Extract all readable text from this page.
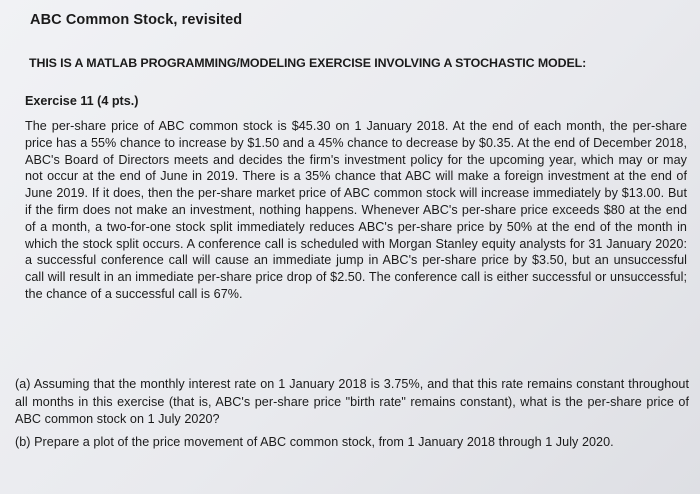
ABC Common Stock, revisited
THIS IS A MATLAB PROGRAMMING/MODELING EXERCISE INVOLVING A STOCHASTIC MODEL:
Exercise 11 (4 pts.)
The per-share price of ABC common stock is $45.30 on 1 January 2018. At the end of each month, the per-share price has a 55% chance to increase by $1.50 and a 45% chance to decrease by $0.35. At the end of December 2018, ABC's Board of Directors meets and decides the firm's investment policy for the upcoming year, which may or may not occur at the end of June in 2019. There is a 35% chance that ABC will make a foreign investment at the end of June 2019. If it does, then the per-share market price of ABC common stock will increase immediately by $13.00. But if the firm does not make an investment, nothing happens. Whenever ABC's per-share price exceeds $80 at the end of a month, a two-for-one stock split immediately reduces ABC's per-share price by 50% at the end of the month in which the stock split occurs. A conference call is scheduled with Morgan Stanley equity analysts for 31 January 2020: a successful conference call will cause an immediate jump in ABC's per-share price by $3.50, but an unsuccessful call will result in an immediate per-share price drop of $2.50. The conference call is either successful or unsuccessful; the chance of a successful call is 67%.
(a) Assuming that the monthly interest rate on 1 January 2018 is 3.75%, and that this rate remains constant throughout all months in this exercise (that is, ABC's per-share price "birth rate" remains constant), what is the per-share price of ABC common stock on 1 July 2020?
(b) Prepare a plot of the price movement of ABC common stock, from 1 January 2018 through 1 July 2020.
